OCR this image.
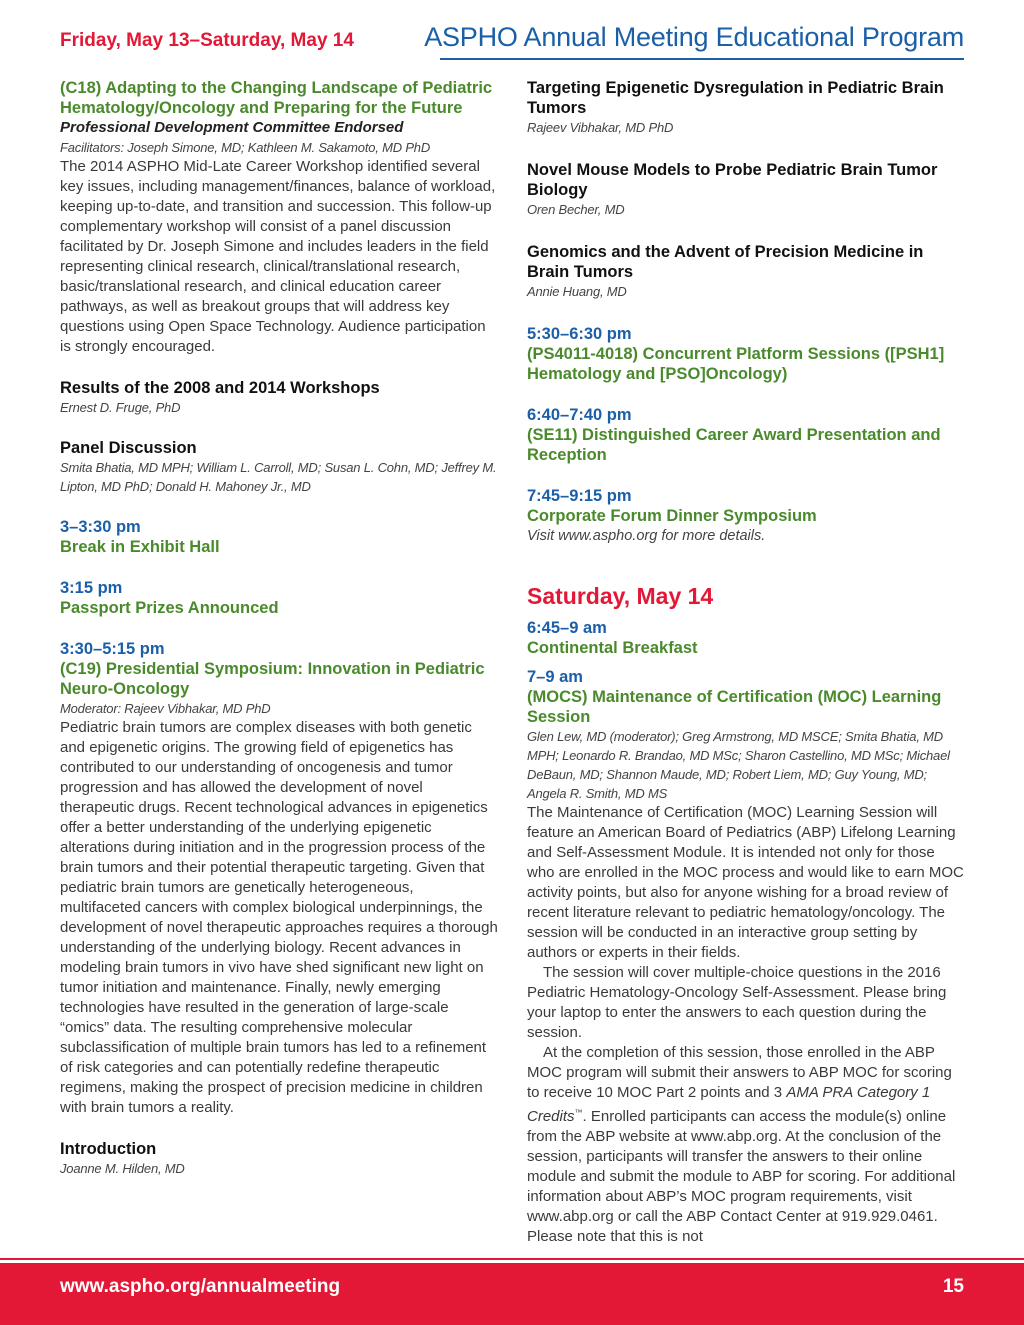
Friday, May 13–Saturday, May 14	ASPHO Annual Meeting Educational Program
(C18) Adapting to the Changing Landscape of Pediatric Hematology/Oncology and Preparing for the Future
Professional Development Committee Endorsed
Facilitators: Joseph Simone, MD; Kathleen M. Sakamoto, MD PhD
The 2014 ASPHO Mid-Late Career Workshop identified several key issues, including management/finances, balance of workload, keeping up-to-date, and transition and succession. This follow-up complementary workshop will consist of a panel discussion facilitated by Dr. Joseph Simone and includes leaders in the field representing clinical research, clinical/translational research, basic/translational research, and clinical education career pathways, as well as breakout groups that will address key questions using Open Space Technology. Audience participation is strongly encouraged.
Results of the 2008 and 2014 Workshops
Ernest D. Fruge, PhD
Panel Discussion
Smita Bhatia, MD MPH; William L. Carroll, MD; Susan L. Cohn, MD; Jeffrey M. Lipton, MD PhD; Donald H. Mahoney Jr., MD
3–3:30 pm
Break in Exhibit Hall
3:15 pm
Passport Prizes Announced
3:30–5:15 pm
(C19) Presidential Symposium: Innovation in Pediatric Neuro-Oncology
Moderator: Rajeev Vibhakar, MD PhD
Pediatric brain tumors are complex diseases with both genetic and epigenetic origins. The growing field of epigenetics has contributed to our understanding of oncogenesis and tumor progression and has allowed the development of novel therapeutic drugs. Recent technological advances in epigenetics offer a better understanding of the underlying epigenetic alterations during initiation and in the progression process of the brain tumors and their potential therapeutic targeting. Given that pediatric brain tumors are genetically heterogeneous, multifaceted cancers with complex biological underpinnings, the development of novel therapeutic approaches requires a thorough understanding of the underlying biology. Recent advances in modeling brain tumors in vivo have shed significant new light on tumor initiation and maintenance. Finally, newly emerging technologies have resulted in the generation of large-scale “omics” data. The resulting comprehensive molecular subclassification of multiple brain tumors has led to a refinement of risk categories and can potentially redefine therapeutic regimens, making the prospect of precision medicine in children with brain tumors a reality.
Introduction
Joanne M. Hilden, MD
Targeting Epigenetic Dysregulation in Pediatric Brain Tumors
Rajeev Vibhakar, MD PhD
Novel Mouse Models to Probe Pediatric Brain Tumor Biology
Oren Becher, MD
Genomics and the Advent of Precision Medicine in Brain Tumors
Annie Huang, MD
5:30–6:30 pm
(PS4011-4018) Concurrent Platform Sessions ([PSH1] Hematology and [PSO]Oncology)
6:40–7:40 pm
(SE11) Distinguished Career Award Presentation and Reception
7:45–9:15 pm
Corporate Forum Dinner Symposium
Visit www.aspho.org for more details.
Saturday, May 14
6:45–9 am
Continental Breakfast
7–9 am
(MOCS) Maintenance of Certification (MOC) Learning Session
Glen Lew, MD (moderator); Greg Armstrong, MD MSCE; Smita Bhatia, MD MPH; Leonardo R. Brandao, MD MSc; Sharon Castellino, MD MSc; Michael DeBaun, MD; Shannon Maude, MD; Robert Liem, MD; Guy Young, MD; Angela R. Smith, MD MS
The Maintenance of Certification (MOC) Learning Session will feature an American Board of Pediatrics (ABP) Lifelong Learning and Self-Assessment Module. It is intended not only for those who are enrolled in the MOC process and would like to earn MOC activity points, but also for anyone wishing for a broad review of recent literature relevant to pediatric hematology/oncology. The session will be conducted in an interactive group setting by authors or experts in their fields.
The session will cover multiple-choice questions in the 2016 Pediatric Hematology-Oncology Self-Assessment. Please bring your laptop to enter the answers to each question during the session.
At the completion of this session, those enrolled in the ABP MOC program will submit their answers to ABP MOC for scoring to receive 10 MOC Part 2 points and 3 AMA PRA Category 1 Credits™. Enrolled participants can access the module(s) online from the ABP website at www.abp.org. At the conclusion of the session, participants will transfer the answers to their online module and submit the module to ABP for scoring. For additional information about ABP’s MOC program requirements, visit www.abp.org or call the ABP Contact Center at 919.929.0461. Please note that this is not
www.aspho.org/annualmeeting	15
